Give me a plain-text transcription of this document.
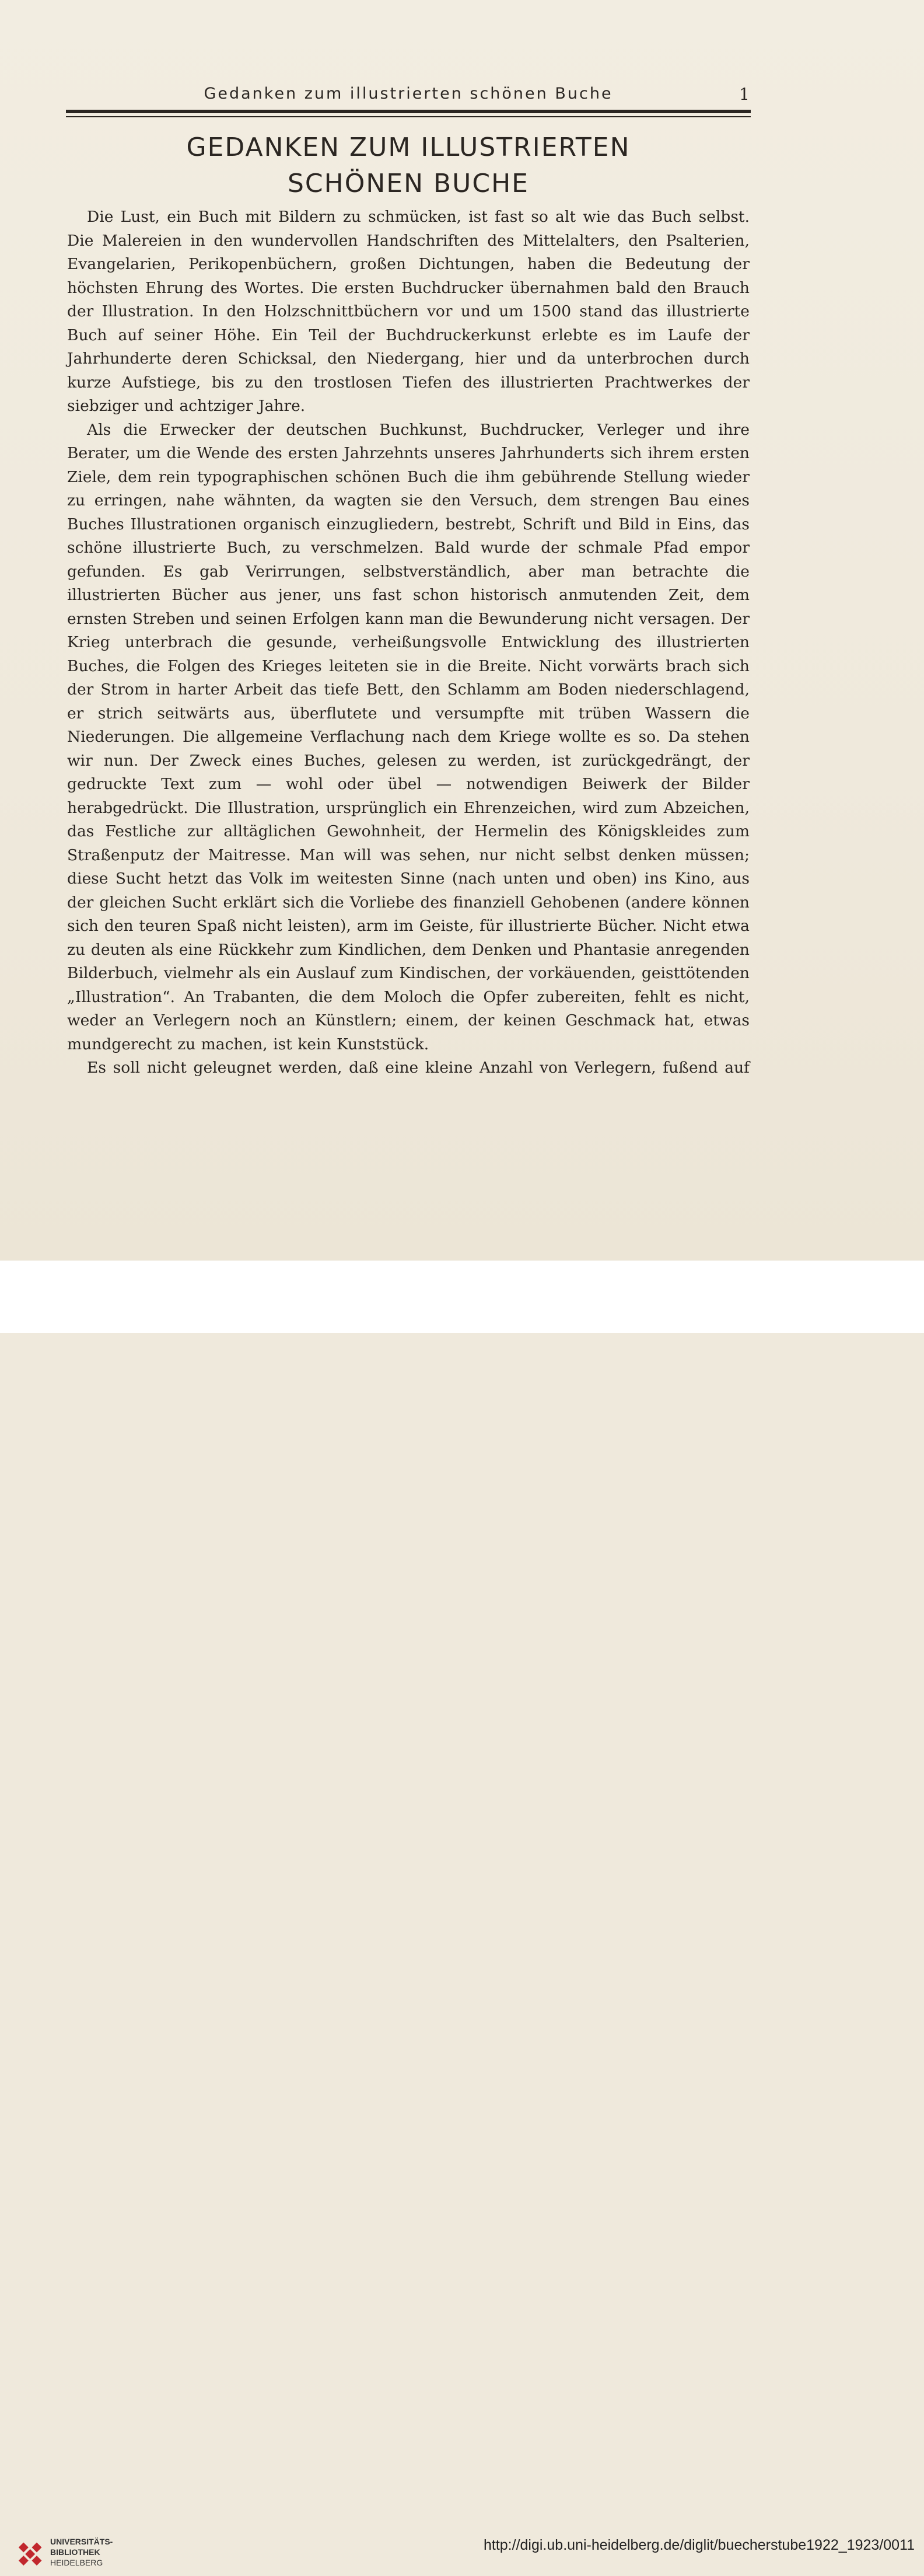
Gedanken zum illustrierten schönen Buche	1
GEDANKEN ZUM ILLUSTRIERTEN
SCHÖNEN BUCHE

Die Lust, ein Buch mit Bildern zu schmücken, ist fast so alt wie das Buch selbst. Die Malereien in den wundervollen Handschriften des Mittelalters, den Psalterien, Evangelarien, Perikopenbüchern, großen Dichtungen, haben die Bedeutung der höchsten Ehrung des Wortes. Die ersten Buchdrucker übernahmen bald den Brauch der Illustration. In den Holzschnittbüchern vor und um 1500 stand das illustrierte Buch auf seiner Höhe. Ein Teil der Buchdruckerkunst erlebte es im Laufe der Jahrhunderte deren Schicksal, den Niedergang, hier und da unterbrochen durch kurze Aufstiege, bis zu den trostlosen Tiefen des illustrierten Prachtwerkes der siebziger und achtziger Jahre.

Als die Erwecker der deutschen Buchkunst, Buchdrucker, Verleger und ihre Berater, um die Wende des ersten Jahrzehnts unseres Jahrhunderts sich ihrem ersten Ziele, dem rein typographischen schönen Buch die ihm gebührende Stellung wieder zu erringen, nahe wähnten, da wagten sie den Versuch, dem strengen Bau eines Buches Illustrationen organisch einzugliedern, bestrebt, Schrift und Bild in Eins, das schöne illustrierte Buch, zu verschmelzen. Bald wurde der schmale Pfad empor gefunden. Es gab Verirrungen, selbstverständlich, aber man betrachte die illustrierten Bücher aus jener, uns fast schon historisch anmutenden Zeit, dem ernsten Streben und seinen Erfolgen kann man die Bewunderung nicht versagen. Der Krieg unterbrach die gesunde, verheißungsvolle Entwicklung des illustrierten Buches, die Folgen des Krieges leiteten sie in die Breite. Nicht vorwärts brach sich der Strom in harter Arbeit das tiefe Bett, den Schlamm am Boden niederschlagend, er strich seitwärts aus, überflutete und versumpfte mit trüben Wassern die Niederungen. Die allgemeine Verflachung nach dem Kriege wollte es so. Da stehen wir nun. Der Zweck eines Buches, gelesen zu werden, ist zurückgedrängt, der gedruckte Text zum — wohl oder übel — notwendigen Beiwerk der Bilder herabgedrückt. Die Illustration, ursprünglich ein Ehrenzeichen, wird zum Abzeichen, das Festliche zur alltäglichen Gewohnheit, der Hermelin des Königskleides zum Straßenputz der Maitresse. Man will was sehen, nur nicht selbst denken müssen; diese Sucht hetzt das Volk im weitesten Sinne (nach unten und oben) ins Kino, aus der gleichen Sucht erklärt sich die Vorliebe des finanziell Gehobenen (andere können sich den teuren Spaß nicht leisten), arm im Geiste, für illustrierte Bücher. Nicht etwa zu deuten als eine Rückkehr zum Kindlichen, dem Denken und Phantasie anregenden Bilderbuch, vielmehr als ein Auslauf zum Kindischen, der vorkäuenden, geisttötenden „Illustration“. An Trabanten, die dem Moloch die Opfer zubereiten, fehlt es nicht, weder an Verlegern noch an Künstlern; einem, der keinen Geschmack hat, etwas mundgerecht zu machen, ist kein Kunststück.

Es soll nicht geleugnet werden, daß eine kleine Anzahl von Verlegern, fußend auf

UNIVERSITÄTS-
BIBLIOTHEK
HEIDELBERG
http://digi.ub.uni-heidelberg.de/diglit/buecherstube1922_1923/0011
